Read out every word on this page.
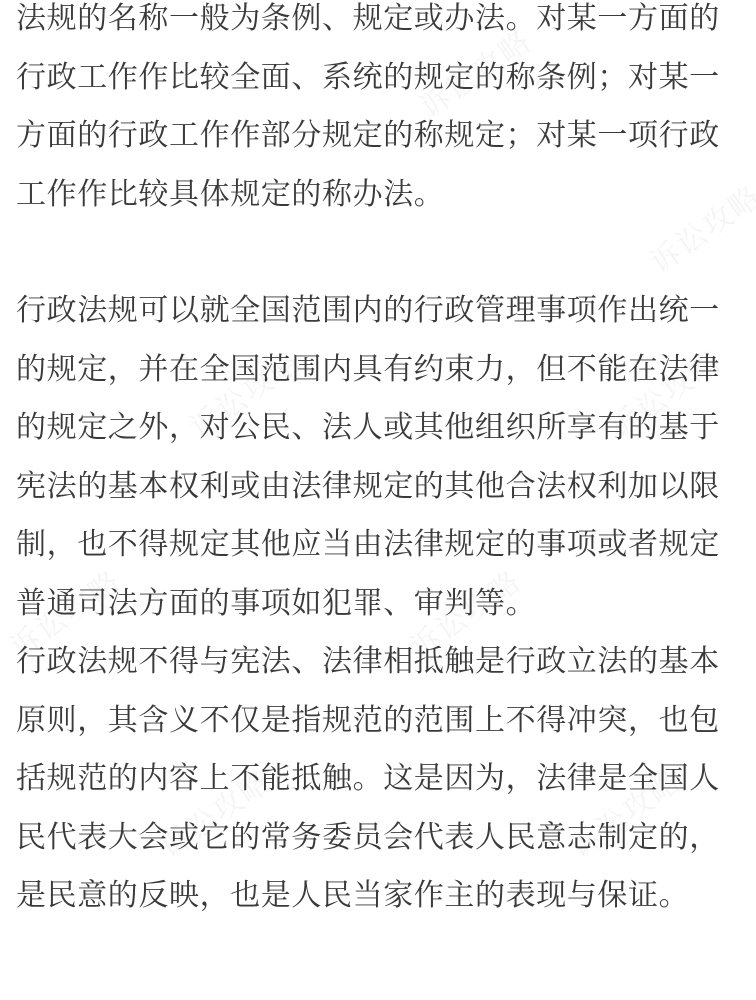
法规的名称一般为条例、规定或办法。对某一方面的行政工作作比较全面、系统的规定的称条例；对某一方面的行政工作作部分规定的称规定；对某一项行政工作作比较具体规定的称办法。

行政法规可以就全国范围内的行政管理事项作出统一的规定，并在全国范围内具有约束力，但不能在法律的规定之外，对公民、法人或其他组织所享有的基于宪法的基本权利或由法律规定的其他合法权利加以限制，也不得规定其他应当由法律规定的事项或者规定普通司法方面的事项如犯罪、审判等。

行政法规不得与宪法、法律相抵触是行政立法的基本原则，其含义不仅是指规范的范围上不得冲突，也包括规范的内容上不能抵触。这是因为，法律是全国人民代表大会或它的常务委员会代表人民意志制定的，是民意的反映，也是人民当家作主的表现与保证。
